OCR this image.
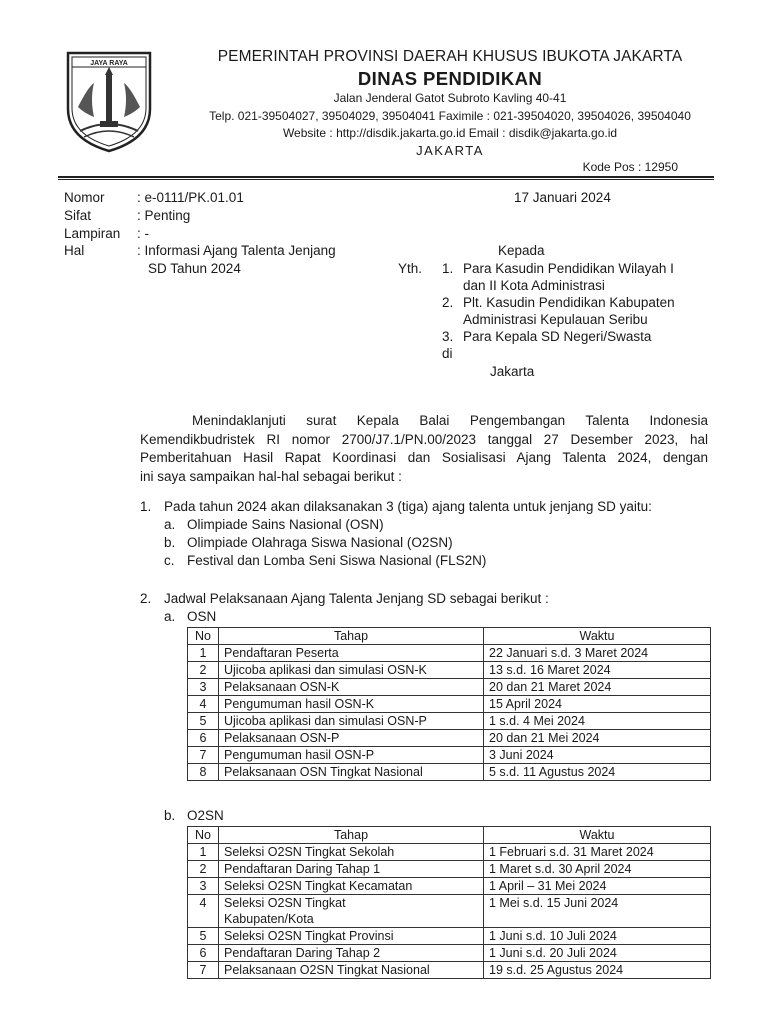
JAYA RAYA	PEMERINTAH PROVINSI DAERAH KHUSUS IBUKOTA JAKARTA
DINAS PENDIDIKAN
Jalan Jenderal Gatot Subroto Kavling 40-41
Telp. 021-39504027, 39504029, 39504041 Faximile : 021-39504020, 39504026, 39504040
Website : http://disdik.jakarta.go.id Email : disdik@jakarta.go.id
JAKARTA
Kode Pos : 12950
Nomor : e-0111/PK.01.01
Sifat	: Penting
Lampiran : -
Hal	: Informasi Ajang Talenta Jenjang
SD Tahun 2024
17 Januari 2024
Kepada
Yth. 1. Para Kasudin Pendidikan Wilayah I
dan II Kota Administrasi
2. Plt. Kasudin Pendidikan Kabupaten
Administrasi Kepulauan Seribu
3. Para Kepala SD Negeri/Swasta
di
Jakarta
Menindaklanjuti surat Kepala Balai Pengembangan Talenta Indonesia
Kemendikbudristek RI nomor 2700/J7.1/PN.00/2023 tanggal 27 Desember 2023, hal
Pemberitahuan Hasil Rapat Koordinasi dan Sosialisasi Ajang Talenta 2024, dengan
ini saya sampaikan hal-hal sebagai berikut :
1. Pada tahun 2024 akan dilaksanakan 3 (tiga) ajang talenta untuk jenjang SD yaitu:
a. Olimpiade Sains Nasional (OSN)
b. Olimpiade Olahraga Siswa Nasional (O2SN)
c. Festival dan Lomba Seni Siswa Nasional (FLS2N)
2. Jadwal Pelaksanaan Ajang Talenta Jenjang SD sebagai berikut :
a. OSN
No	Tahap	Waktu
1	Pendaftaran Peserta	22 Januari s.d. 3 Maret 2024
2	Ujicoba aplikasi dan simulasi OSN-K	13 s.d. 16 Maret 2024
3	Pelaksanaan OSN-K	20 dan 21 Maret 2024
4	Pengumuman hasil OSN-K	15 April 2024
5	Ujicoba aplikasi dan simulasi OSN-P	1 s.d. 4 Mei 2024
6	Pelaksanaan OSN-P	20 dan 21 Mei 2024
7	Pengumuman hasil OSN-P	3 Juni 2024
8	Pelaksanaan OSN Tingkat Nasional	5 s.d. 11 Agustus 2024
b. O2SN
No	Tahap	Waktu
1	Seleksi O2SN Tingkat Sekolah	1 Februari s.d. 31 Maret 2024
2	Pendaftaran Daring Tahap 1	1 Maret s.d. 30 April 2024
3	Seleksi O2SN Tingkat Kecamatan	1 April – 31 Mei 2024
4	Seleksi O2SN Tingkat
Kabupaten/Kota	1 Mei s.d. 15 Juni 2024
5	Seleksi O2SN Tingkat Provinsi	1 Juni s.d. 10 Juli 2024
6	Pendaftaran Daring Tahap 2	1 Juni s.d. 20 Juli 2024
7	Pelaksanaan O2SN Tingkat Nasional	19 s.d. 25 Agustus 2024
